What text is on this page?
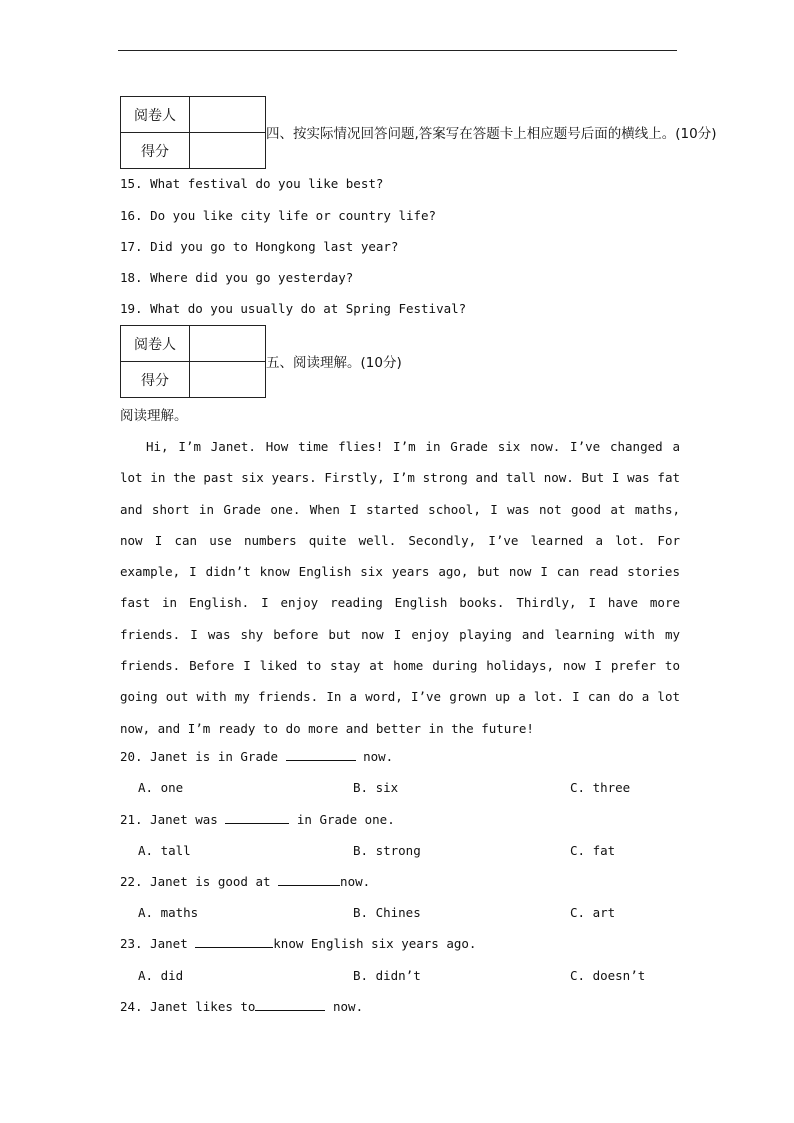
阅卷人	
得分	
四、按实际情况回答问题,答案写在答题卡上相应题号后面的横线上。(10分)
15. What festival do you like best?
16. Do you like city life or country life?
17. Did you go to Hongkong last year?
18. Where did you go yesterday?
19. What do you usually do at Spring Festival?
阅卷人	
得分	
五、阅读理解。(10分)
阅读理解。

Hi, I’m Janet. How time flies! I’m in Grade six now. I’ve changed a lot in the past six years. Firstly, I’m strong and tall now. But I was fat and short in Grade one. When I started school, I was not good at maths, now I can use numbers quite well. Secondly, I’ve learned a lot. For example, I didn’t know English six years ago, but now I can read stories fast in English. I enjoy reading English books. Thirdly, I have more friends. I was shy before but now I enjoy playing and learning with my friends. Before I liked to stay at home during holidays, now I prefer to going out with my friends. In a word, I’ve grown up a lot. I can do a lot now, and I’m ready to do more and better in the future!

20. Janet is in Grade	now.
A. one	B. six	C. three
21. Janet was	in Grade one.
A. tall	B. strong	C. fat
22. Janet is good at	now.
A. maths	B. Chines	C. art
23. Janet	know English six years ago.
A. did	B. didn’t	C. doesn’t
24. Janet likes to	now.
